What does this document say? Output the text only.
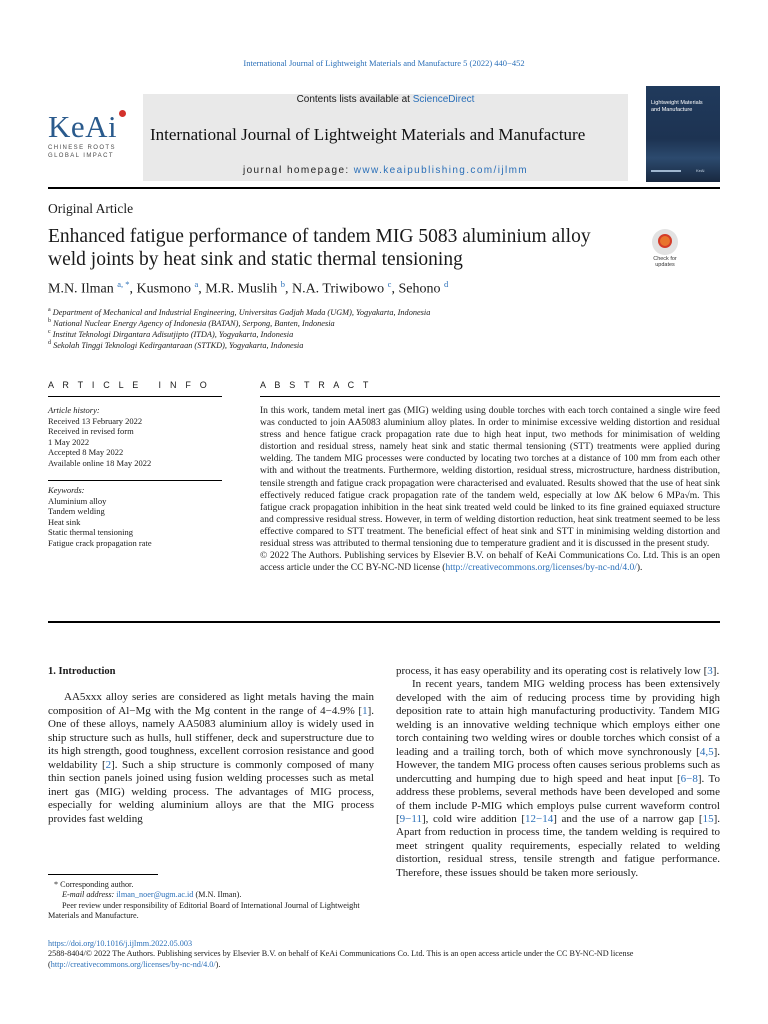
International Journal of Lightweight Materials and Manufacture 5 (2022) 440−452
KeAi
CHINESE ROOTS
GLOBAL IMPACT
Contents lists available at ScienceDirect
International Journal of Lightweight Materials and Manufacture
journal homepage: www.keaipublishing.com/ijlmm
Lightweight Materials
and Manufacture
KeAi
Original Article
Enhanced fatigue performance of tandem MIG 5083 aluminium alloy
weld joints by heat sink and static thermal tensioning	Check for
updates
M.N. Ilman $^{a, *}$, Kusmono $^a$, M.R. Muslih $^b$, N.A. Triwibowo $^c$, Sehono $^d$
$^a$ Department of Mechanical and Industrial Engineering, Universitas Gadjah Mada (UGM), Yogyakarta, Indonesia
$^b$ National Nuclear Energy Agency of Indonesia (BATAN), Serpong, Banten, Indonesia
$^c$ Institut Teknologi Dirgantara Adisutjipto (ITDA), Yogyakarta, Indonesia
$^d$ Sekolah Tinggi Teknologi Kedirgantaraan (STTKD), Yogyakarta, Indonesia
A R T I C L E   I N F O
Article history:
Received 13 February 2022
Received in revised form
1 May 2022
Accepted 8 May 2022
Available online 18 May 2022
Keywords:
Aluminium alloy
Tandem welding
Heat sink
Static thermal tensioning
Fatigue crack propagation rate
A B S T R A C T
In this work, tandem metal inert gas (MIG) welding using double torches with each torch contained a single wire feed was conducted to join AA5083 aluminium alloy plates. In order to minimise excessive welding distortion and residual stress and hence fatigue crack propagation rate due to high heat input, two methods for minimisation of welding distortion and residual stress, namely heat sink and static thermal tensioning (STT) treatments were applied during welding. The tandem MIG processes were conducted by locating two torches at a distance of 100 mm from each other with and without the treatments. Furthermore, welding distortion, residual stress, microstructure, hardness distribution, tensile strength and fatigue crack propagation were characterised and evaluated. Results showed that the use of heat sink effectively reduced fatigue crack propagation rate of the tandem weld, especially at low ΔK below 6 MPa√m. This fatigue crack propagation inhibition in the heat sink treated weld could be linked to its fine grained equiaxed structure and compressive residual stress. However, in term of welding distortion reduction, heat sink treatment seemed to be less effective compared to STT treatment. The beneficial effect of heat sink and STT in minimising welding distortion and residual stress was attributed to thermal tensioning due to temperature gradient and it is discussed in the present study.
© 2022 The Authors. Publishing services by Elsevier B.V. on behalf of KeAi Communications Co. Ltd. This is an open access article under the CC BY-NC-ND license (http://creativecommons.org/licenses/by-nc-nd/4.0/).

1. Introduction

AA5xxx alloy series are considered as light metals having the main composition of Al−Mg with the Mg content in the range of 4−4.9% [1]. One of these alloys, namely AA5083 aluminium alloy is widely used in ship structure such as hulls, hull stiffener, deck and superstructure due to its high strength, good toughness, excellent corrosion resistance and good weldability [2]. Such a ship structure is commonly composed of many thin section panels joined using fusion welding processes such as metal inert gas (MIG) welding process. The advantages of MIG process, especially for welding aluminium alloys are that the MIG process provides fast welding

process, it has easy operability and its operating cost is relatively low [3].

In recent years, tandem MIG welding process has been extensively developed with the aim of reducing process time by providing high deposition rate to attain high manufacturing productivity. Tandem MIG welding is an innovative welding technique which employs either one torch containing two welding wires or double torches which consist of a leading and a trailing torch, both of which move synchronously [4,5]. However, the tandem MIG process often causes serious problems such as undercutting and humping due to high speed and heat input [6−8]. To address these problems, several methods have been developed and some of them include P-MIG which employs pulse current waveform control [9−11], cold wire addition [12−14] and the use of a narrow gap [15]. Apart from reduction in process time, the tandem welding is required to meet stringent quality requirements, especially related to welding distortion, residual stress, tensile strength and fatigue performance. Therefore, these issues should be taken more seriously.

* Corresponding author.
E-mail address: ilman_noer@ugm.ac.id (M.N. Ilman).
Peer review under responsibility of Editorial Board of International Journal of Lightweight Materials and Manufacture.
https://doi.org/10.1016/j.ijlmm.2022.05.003
2588-8404/© 2022 The Authors. Publishing services by Elsevier B.V. on behalf of KeAi Communications Co. Ltd. This is an open access article under the CC BY-NC-ND license
(http://creativecommons.org/licenses/by-nc-nd/4.0/).
